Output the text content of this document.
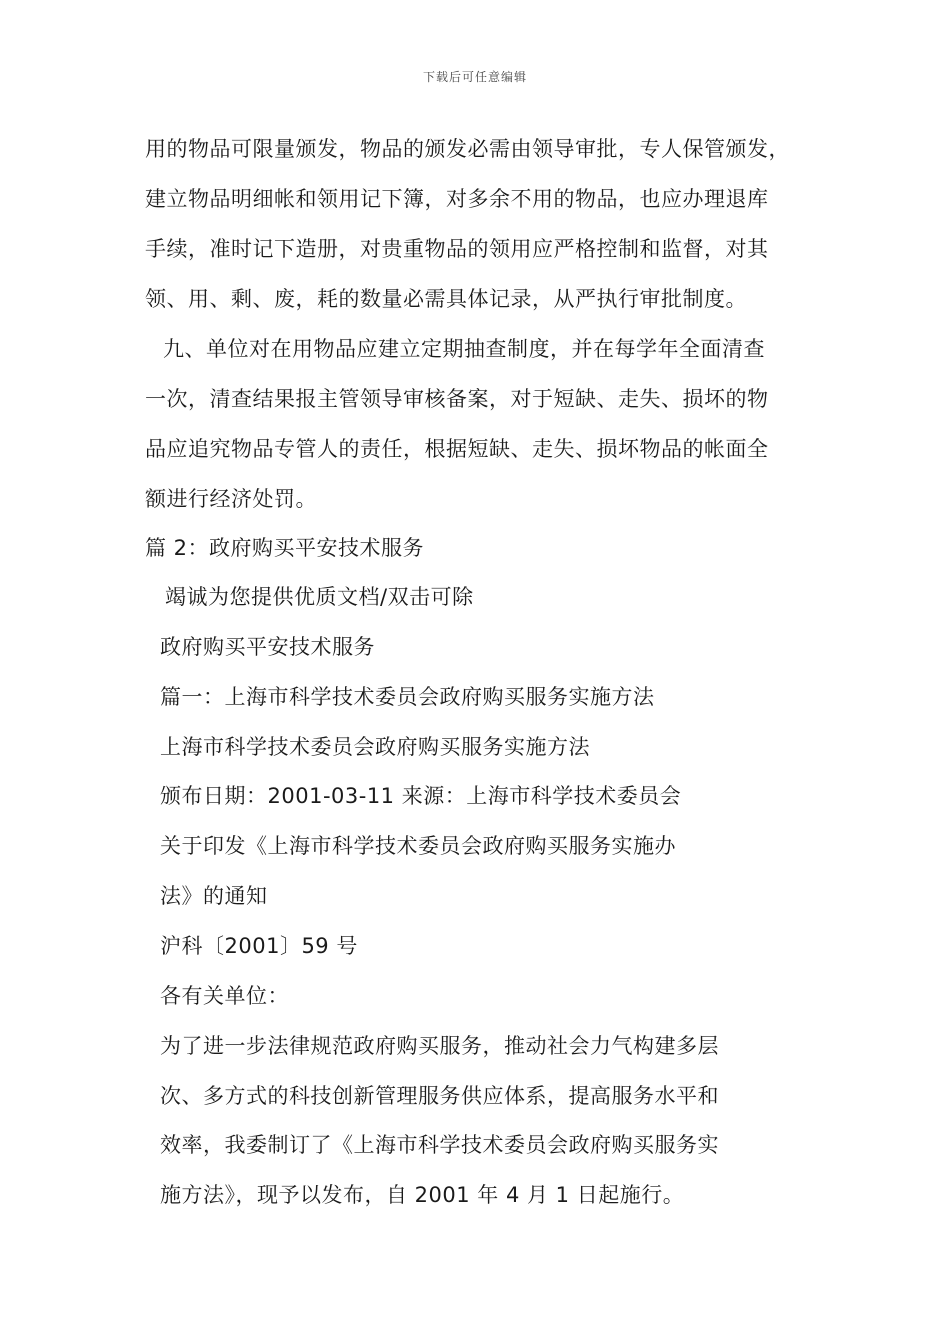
下载后可任意编辑
用的物品可限量颁发，物品的颁发必需由领导审批，专人保管颁发，
建立物品明细帐和领用记下簿，对多余不用的物品，也应办理退库
手续，准时记下造册，对贵重物品的领用应严格控制和监督，对其
领、用、剩、废，耗的数量必需具体记录，从严执行审批制度。
九、单位对在用物品应建立定期抽查制度，并在每学年全面清查
一次，清查结果报主管领导审核备案，对于短缺、走失、损坏的物
品应追究物品专管人的责任，根据短缺、走失、损坏物品的帐面全
额进行经济处罚。
篇 2：政府购买平安技术服务
竭诚为您提供优质文档/双击可除
政府购买平安技术服务
篇一：上海市科学技术委员会政府购买服务实施方法
上海市科学技术委员会政府购买服务实施方法
颁布日期：2001-03-11 来源：上海市科学技术委员会
关于印发《上海市科学技术委员会政府购买服务实施办
法》的通知
沪科〔2001〕59 号
各有关单位：
为了进一步法律规范政府购买服务，推动社会力气构建多层
次、多方式的科技创新管理服务供应体系，提高服务水平和
效率，我委制订了《上海市科学技术委员会政府购买服务实
施方法》，现予以发布，自 2001 年 4 月 1 日起施行。
